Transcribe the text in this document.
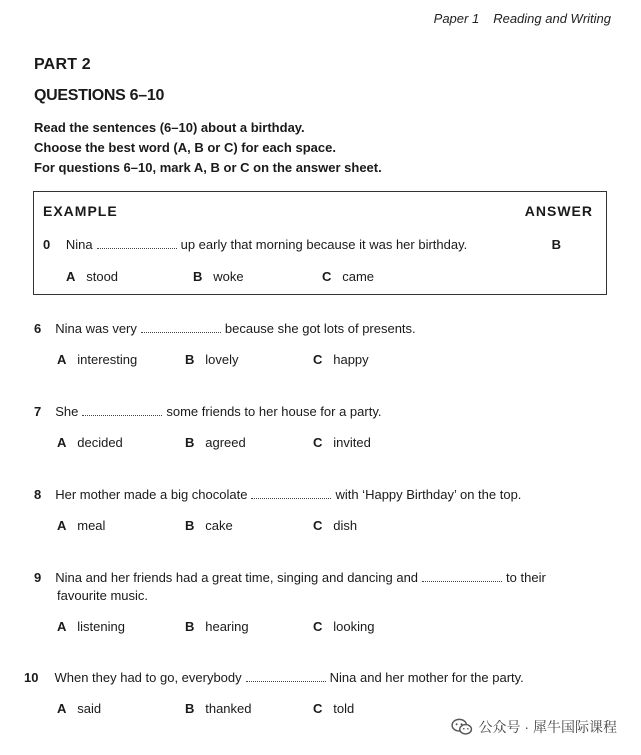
Paper 1 Reading and Writing
PART 2
QUESTIONS 6–10
Read the sentences (6–10) about a birthday.
Choose the best word (A, B or C) for each space.
For questions 6–10, mark A, B or C on the answer sheet.
EXAMPLE	ANSWER
0 Nina	up early that morning because it was her birthday.	B
A stood	B woke	C came
6 Nina was very	because she got lots of presents.
A interesting	B lovely	C happy
7 She	some friends to her house for a party.
A decided	B agreed	C invited
8 Her mother made a big chocolate	with ‘Happy Birthday’ on the top.
A meal	B cake	C dish
9 Nina and her friends had a great time, singing and dancing and	to their
favourite music.
A listening	B hearing	C looking
10 When they had to go, everybody	Nina and her mother for the party.
A said	B thanked	C told
公众号 · 犀牛国际课程
